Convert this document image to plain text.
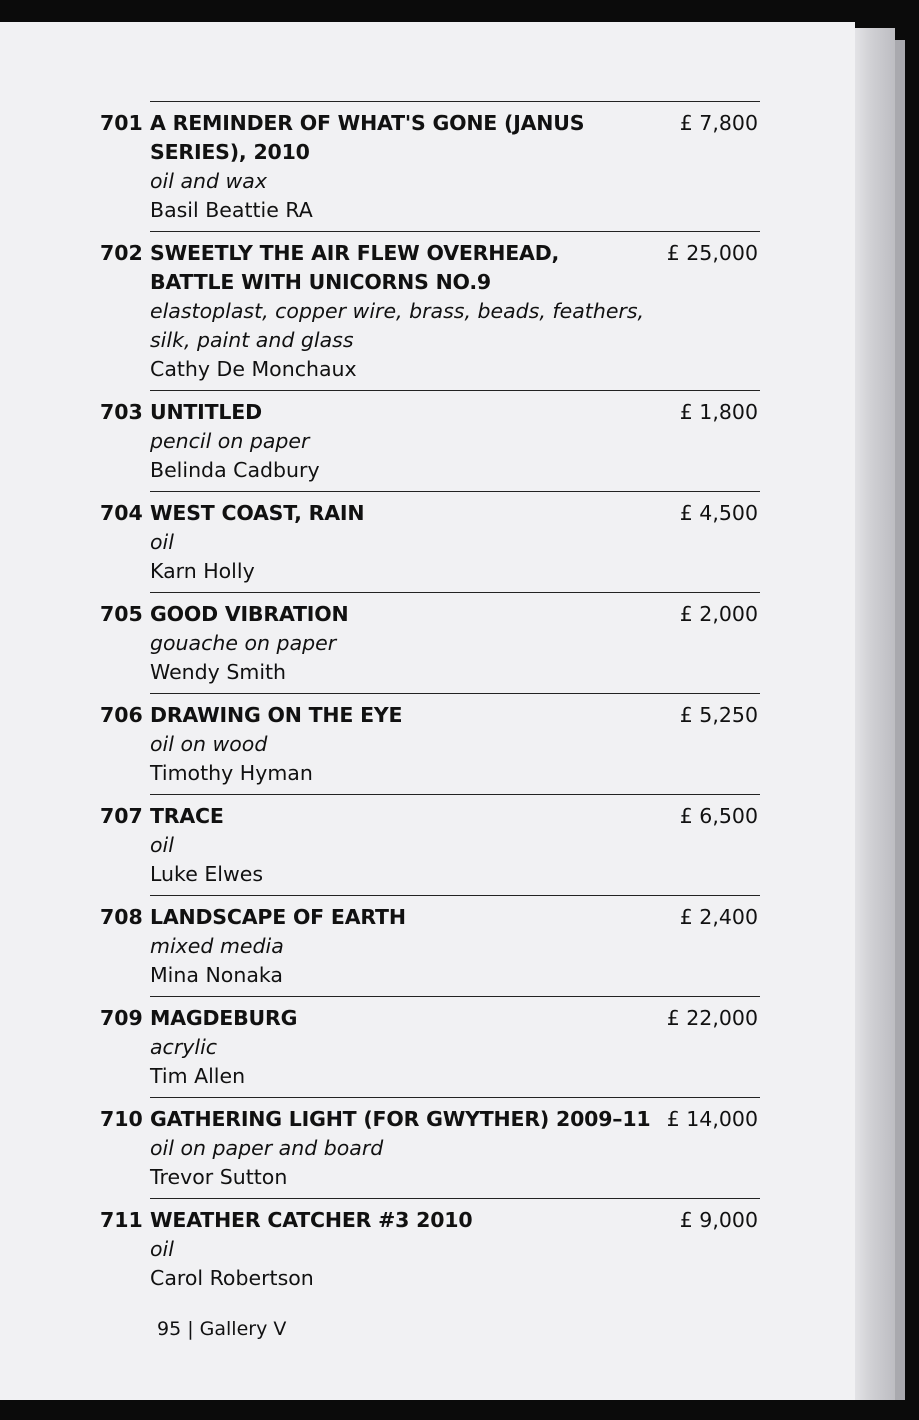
701 A REMINDER OF WHAT'S GONE (JANUS SERIES), 2010
oil and wax
Basil Beattie RA
£ 7,800
702 SWEETLY THE AIR FLEW OVERHEAD,
BATTLE WITH UNICORNS NO.9
elastoplast, copper wire, brass, beads, feathers,
silk, paint and glass
Cathy De Monchaux
£ 25,000
703 UNTITLED
pencil on paper
Belinda Cadbury
£ 1,800
704 WEST COAST, RAIN
oil
Karn Holly
£ 4,500
705 GOOD VIBRATION
gouache on paper
Wendy Smith
£ 2,000
706 DRAWING ON THE EYE
oil on wood
Timothy Hyman
£ 5,250
707 TRACE
oil
Luke Elwes
£ 6,500
708 LANDSCAPE OF EARTH
mixed media
Mina Nonaka
£ 2,400
709 MAGDEBURG
acrylic
Tim Allen
£ 22,000
710 GATHERING LIGHT (FOR GWYTHER) 2009–11
oil on paper and board
Trevor Sutton
£ 14,000
711 WEATHER CATCHER #3 2010
oil
Carol Robertson
£ 9,000
95 | Gallery V
